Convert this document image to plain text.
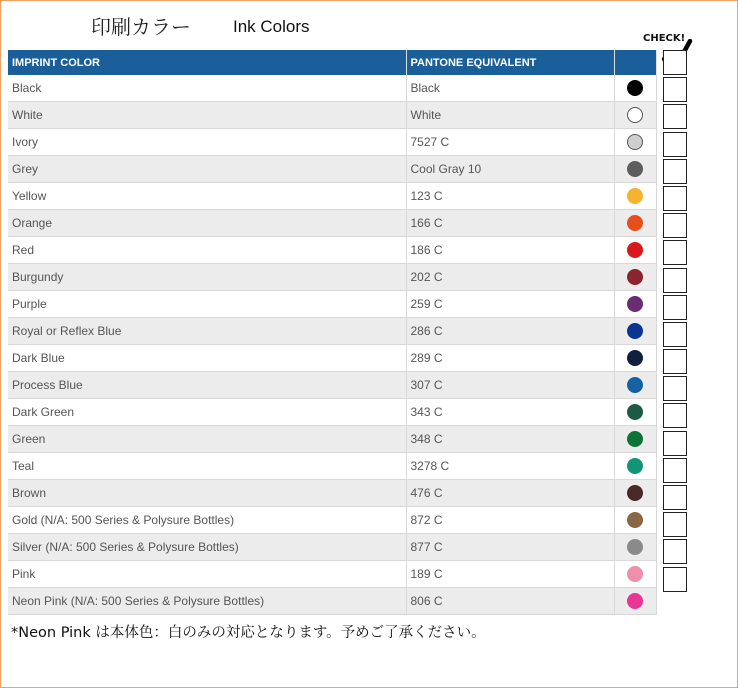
印刷カラー Ink Colors
CHECK!
IMPRINT COLOR	PANTONE EQUIVALENT	
Black	Black	
White	White	
Ivory	7527 C	
Grey	Cool Gray 10	
Yellow	123 C	
Orange	166 C	
Red	186 C	
Burgundy	202 C	
Purple	259 C	
Royal or Reflex Blue	286 C	
Dark Blue	289 C	
Process Blue	307 C	
Dark Green	343 C	
Green	348 C	
Teal	3278 C	
Brown	476 C	
Gold (N/A: 500 Series & Polysure Bottles)	872 C	
Silver (N/A: 500 Series & Polysure Bottles)	877 C	
Pink	189 C	
Neon Pink (N/A: 500 Series & Polysure Bottles)	806 C	
*Neon Pink は本体色：白のみの対応となります。予めご了承ください。
